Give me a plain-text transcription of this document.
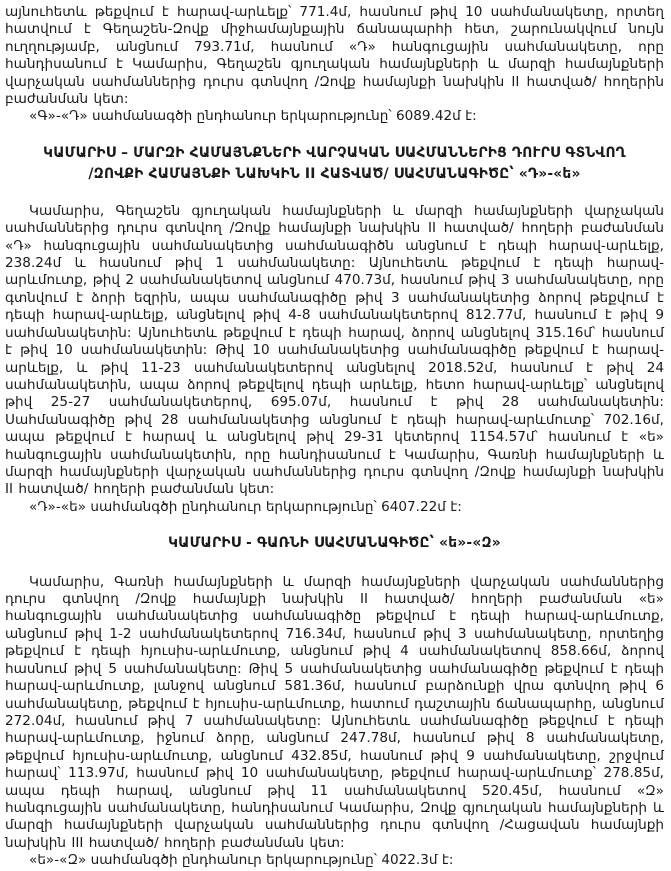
այնուհետև թեքվում է հարավ-արևելք՝ 771.4մ, հասնում թիվ 10 սահմանակետը, որտեղ հատվում է Գեղաշեն-Զովք միջհամայնքային ճանապարհի հետ, շարունակվում նույն ուղղությամբ, անցնում 793.71մ, հասնում «Դ» հանգուցային սահմանակետը, որը հանդիսանում է Կամարիս, Գեղաշեն գյուղական համայնքների և մարզի համայնքների վարչական սահմաններից դուրս գտնվող /Զովք համայնքի նախկին II հատված/ հողերին բաժանման կետ:

«Գ»-«Դ» սահմանագծի ընդհանուր երկարությունը՝ 6089.42մ է:

ԿԱՄԱՐԻՍ – ՄԱՐԶԻ ՀԱՄԱՅՆՔՆԵՐԻ ՎԱՐՉԱԿԱՆ ՍԱՀՄԱՆՆԵՐԻՑ ԴՈՒՐՍ ԳՏՆՎՈՂ
/ԶՈՎՔԻ ՀԱՄԱՅՆՔԻ ՆԱԽԿԻՆ II ՀԱՏՎԱԾ/ ՍԱՀՄԱՆԱԳԻԾԸ՝ «Դ»-«ե»

Կամարիս, Գեղաշեն գյուղական համայնքների և մարզի համայնքների վարչական սահմաններից դուրս գտնվող /Զովք համայնքի նախկին II հատված/ հողերի բաժանման «Դ» հանգուցային սահմանակետից սահմանագիծն անցնում է դեպի հարավ-արևելք, 238.24մ և հասնում թիվ 1 սահմանակետը: Այնուհետև թեքվում է դեպի հարավ-արևմուտք, թիվ 2 սահմանակետով անցնում 470.73մ, հասնում թիվ 3 սահմանակետը, որը գտնվում է ձորի եզրին, ապա սահմանագիծը թիվ 3 սահմանակետից ձորով թեքվում է դեպի հարավ-արևելք, անցնելով թիվ 4-8 սահմանակետերով 812.77մ, հասնում է թիվ 9 սահմանակետին: Այնուհետև թեքվում է դեպի հարավ, ձորով անցնելով 315.16մ՝ հասնում է թիվ 10 սահմանակետին: Թիվ 10 սահմանակետից սահմանագիծը թեքվում է հարավ-արևելք, և թիվ 11-23 սահմանակետերով անցնելով 2018.52մ, հասնում է թիվ 24 սահմանակետին, ապա ձորով թեքվելով դեպի արևելք, հետո հարավ-արևելք՝ անցնելով թիվ 25-27 սահմանակետերով, 695.07մ, հասնում է թիվ 28 սահմանակետին: Սահմանագիծը թիվ 28 սահմանակետից անցնում է դեպի հարավ-արևմուտք՝ 702.16մ, ապա թեքվում է հարավ և անցնելով թիվ 29-31 կետերով 1154.57մ՝ հասնում է «ե» հանգուցային սահմանակետին, որը հանդիսանում է Կամարիս, Գառնի համայնքների և մարզի համայնքների վարչական սահմաններից դուրս գտնվող /Զովք համայնքի նախկին II հատված/ հողերի բաժանման կետ:

«Դ»-«ե» սահմանգծի ընդհանուր երկարությունը՝ 6407.22մ է:

ԿԱՄԱՐԻՍ - ԳԱՌՆԻ ՍԱՀՄԱՆԱԳԻԾԸ՝ «ե»-«Զ»

Կամարիս, Գառնի համայնքների և մարզի համայնքների վարչական սահմաններից դուրս գտնվող /Զովք համայնքի նախկին II հատված/ հողերի բաժանման «ե» հանգուցային սահմանակետից սահմանագիծը թեքվում է դեպի հարավ-արևմուտք, անցնում թիվ 1-2 սահմանակետերով 716.34մ, հասնում թիվ 3 սահմանակետը, որտեղից թեքվում է դեպի հյուսիս-արևմուտք, անցնում թիվ 4 սահմանակետով 858.66մ, ձորով հասնում թիվ 5 սահմանակետը: Թիվ 5 սահմանակետից սահմանագիծը թեքվում է դեպի հարավ-արևմուտք, լանջով անցնում 581.36մ, հասնում բարձունքի վրա գտնվող թիվ 6 սահմանակետը, թեքվում է հյուսիս-արևմուտք, հատում դաշտային ճանապարհը, անցնում 272.04մ, հասնում թիվ 7 սահմանակետը: Այնուհետև սահմանագիծը թեքվում է դեպի հարավ-արևմուտք, իջնում ձորը, անցնում 247.78մ, հասնում թիվ 8 սահմանակետը, թեքվում հյուսիս-արևմուտք, անցնում 432.85մ, հասնում թիվ 9 սահմանակետը, շրջվում հարավ՝ 113.97մ, հասնում թիվ 10 սահմանակետը, թեքվում հարավ-արևմուտք՝ 278.85մ, ապա դեպի հարավ, անցնում թիվ 11 սահմանակետով 520.45մ, հասնում «Զ» հանգուցային սահմանակետը, հանդիսանում Կամարիս, Զովք գյուղական համայնքների և մարզի համայնքների վարչական սահմաններից դուրս գտնվող /Հացավան համայնքի նախկին III հատված/ հողերի բաժանման կետ:

«ե»-«Զ» սահմանգծի ընդհանուր երկարությունը՝ 4022.3մ է:
